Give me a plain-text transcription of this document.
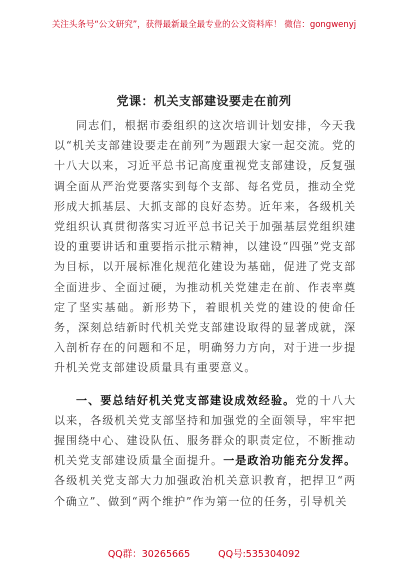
关注头条号“公文研究”，获得最新最全最专业的公文资料库！ 微信：gongwenyj
党课：机关支部建设要走在前列

同志们，根据市委组织的这次培训计划安排，今天我以“机关支部建设要走在前列”为题跟大家一起交流。党的十八大以来，习近平总书记高度重视党支部建设，反复强调全面从严治党要落实到每个支部、每名党员，推动全党形成大抓基层、大抓支部的良好态势。近年来，各级机关党组织认真贯彻落实习近平总书记关于加强基层党组织建设的重要讲话和重要指示批示精神，以建设“四强”党支部为目标，以开展标准化规范化建设为基础，促进了党支部全面进步、全面过硬，为推动机关党建走在前、作表率奠定了坚实基础。新形势下，着眼机关党的建设的使命任务，深刻总结新时代机关党支部建设取得的显著成就，深入剖析存在的问题和不足，明确努力方向，对于进一步提升机关党支部建设质量具有重要意义。

一、要总结好机关党支部建设成效经验。党的十八大以来，各级机关党支部坚持和加强党的全面领导，牢牢把握围绕中心、建设队伍、服务群众的职责定位，不断推动机关党支部建设质量全面提升。一是政治功能充分发挥。各级机关党支部大力加强政治机关意识教育，把捍卫“两个确立”、做到“两个维护”作为第一位的任务，引导机关

QQ群：30265665	QQ号:535304092
